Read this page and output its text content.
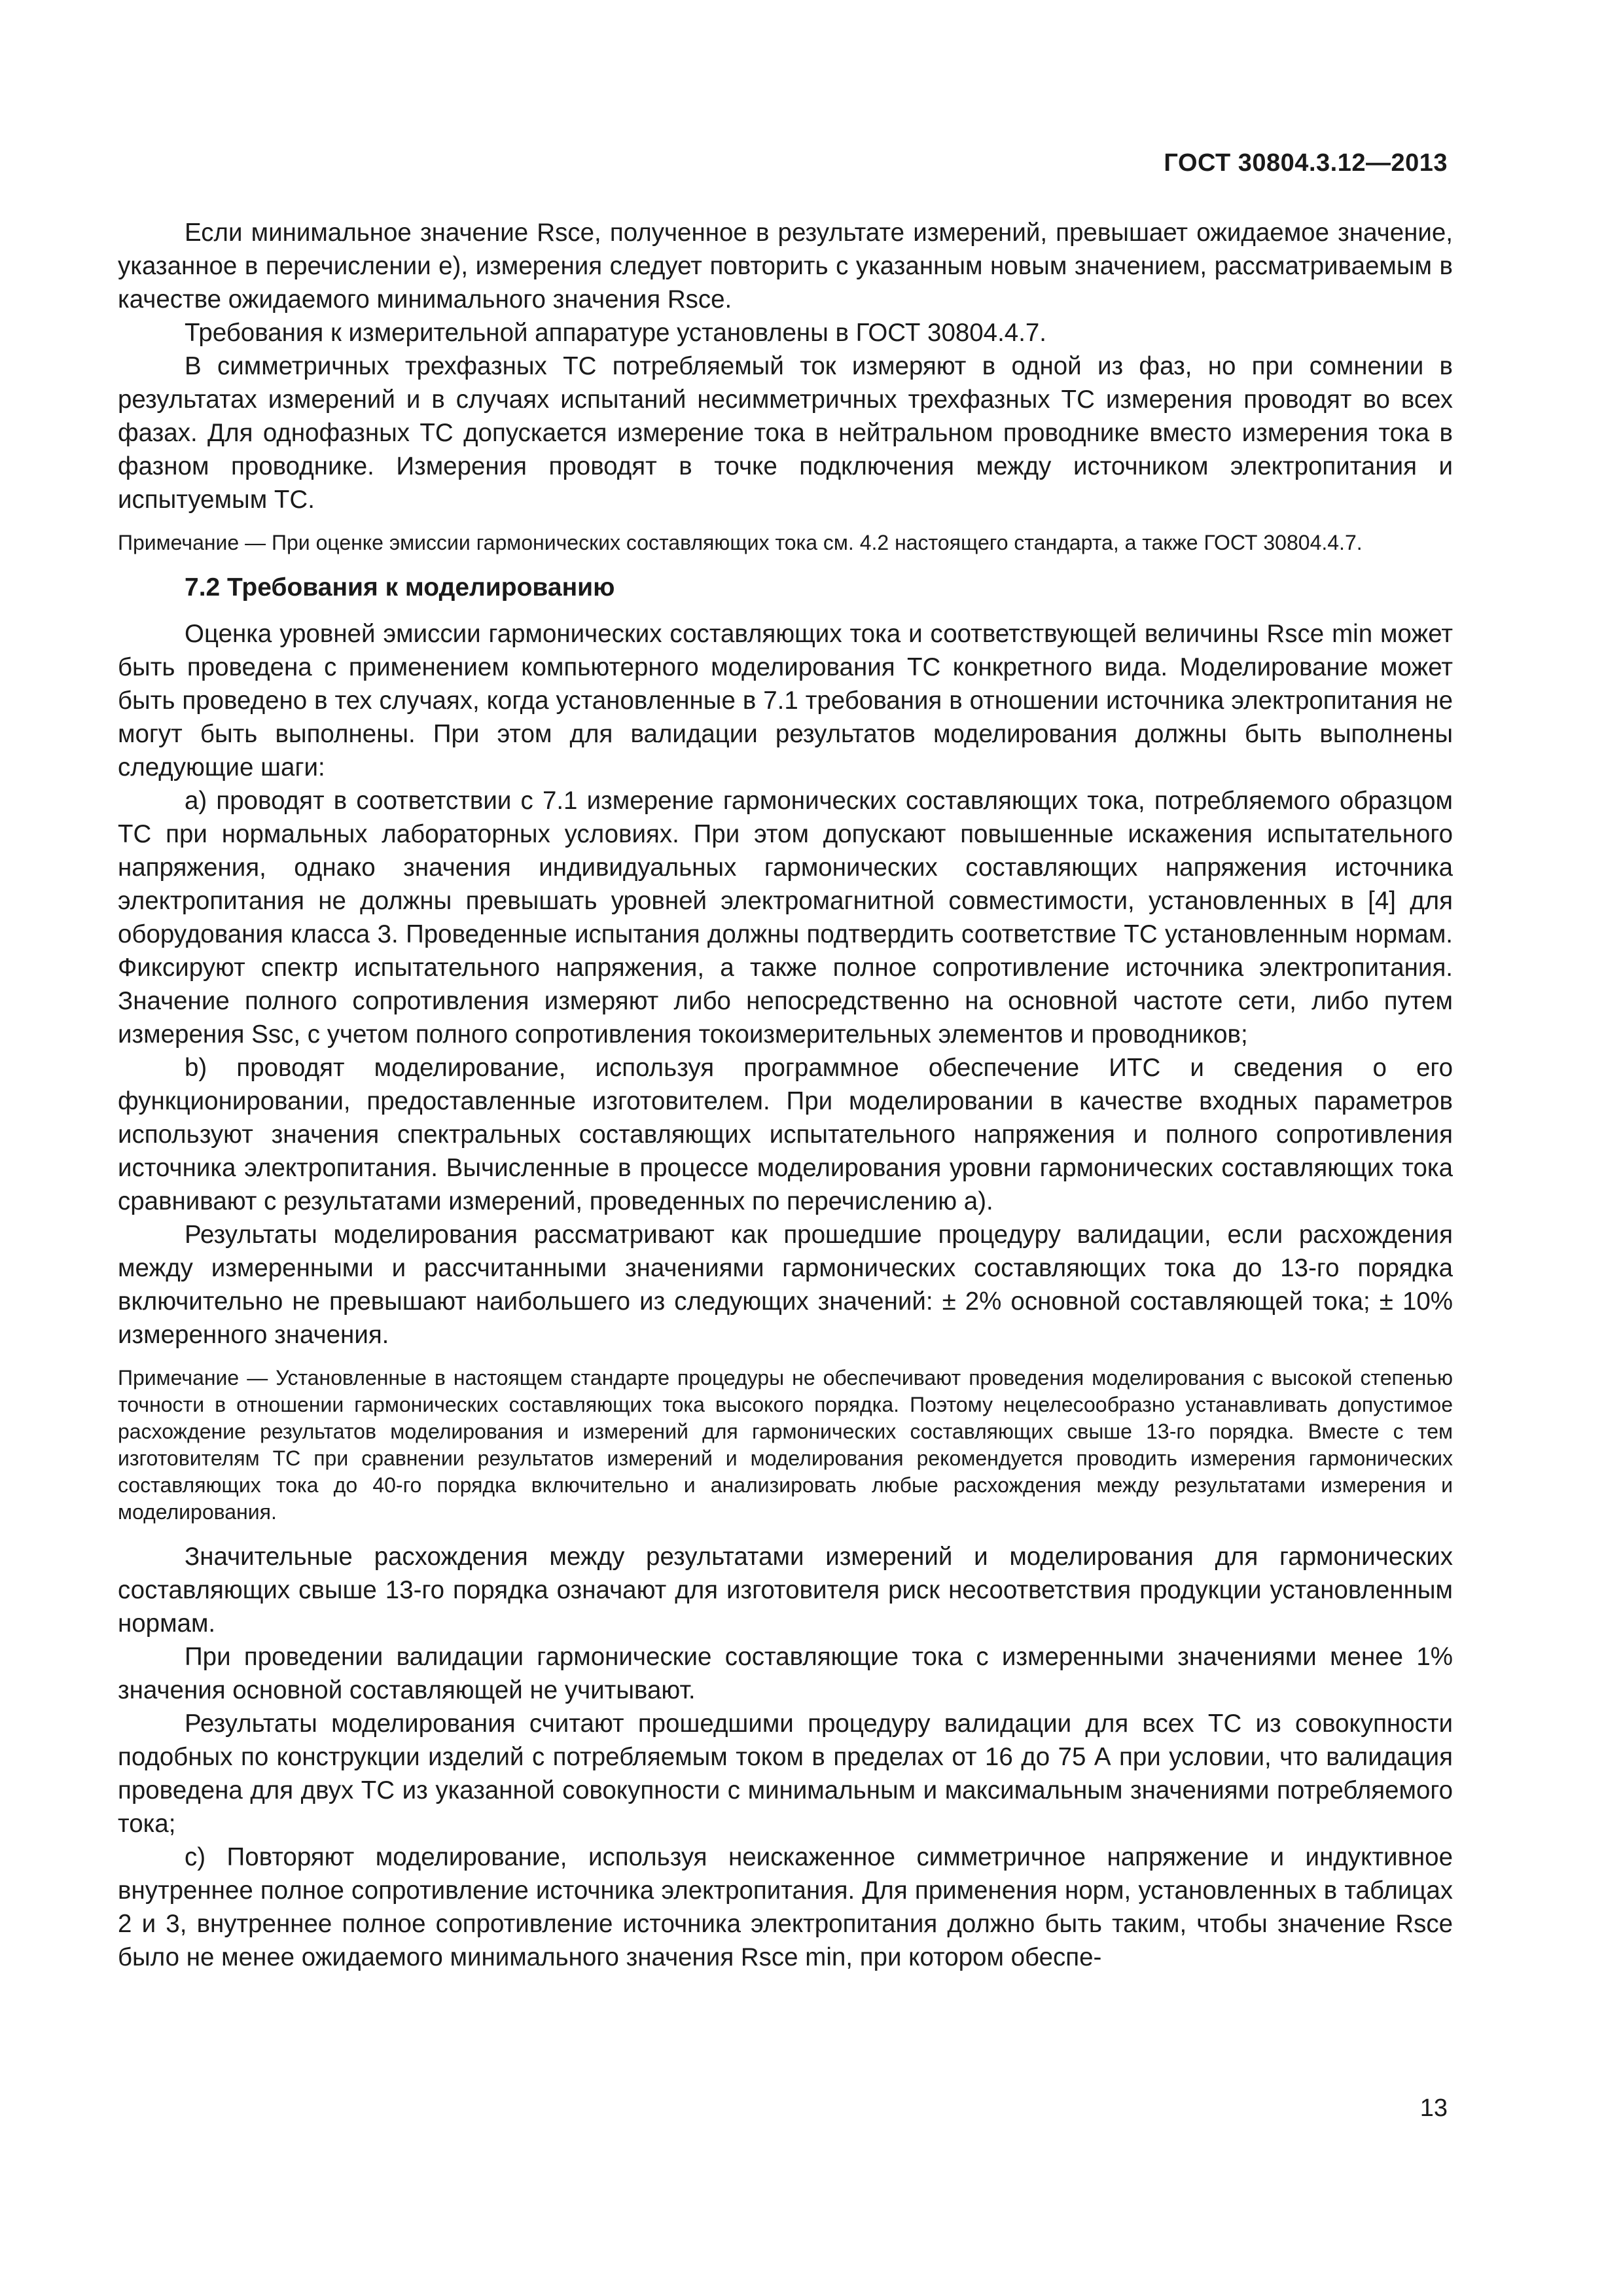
ГОСТ 30804.3.12—2013

Если минимальное значение Rsce, полученное в результате измерений, превышает ожидаемое значение, указанное в перечислении е), измерения следует повторить с указанным новым значением, рассматриваемым в качестве ожидаемого минимального значения Rsce.

Требования к измерительной аппаратуре установлены в ГОСТ 30804.4.7.

В симметричных трехфазных ТС потребляемый ток измеряют в одной из фаз, но при сомнении в результатах измерений и в случаях испытаний несимметричных трехфазных ТС измерения проводят во всех фазах. Для однофазных ТС допускается измерение тока в нейтральном проводнике вместо измерения тока в фазном проводнике. Измерения проводят в точке подключения между источником электропитания и испытуемым ТС.

Примечание — При оценке эмиссии гармонических составляющих тока см. 4.2 настоящего стандарта, а также ГОСТ 30804.4.7.

7.2 Требования к моделированию

Оценка уровней эмиссии гармонических составляющих тока и соответствующей величины Rsce min может быть проведена с применением компьютерного моделирования ТС конкретного вида. Моделирование может быть проведено в тех случаях, когда установленные в 7.1 требования в отношении источника электропитания не могут быть выполнены. При этом для валидации результатов моделирования должны быть выполнены следующие шаги:

а) проводят в соответствии с 7.1 измерение гармонических составляющих тока, потребляемого образцом ТС при нормальных лабораторных условиях. При этом допускают повышенные искажения испытательного напряжения, однако значения индивидуальных гармонических составляющих напряжения источника электропитания не должны превышать уровней электромагнитной совместимости, установленных в [4] для оборудования класса 3. Проведенные испытания должны подтвердить соответствие ТС установленным нормам. Фиксируют спектр испытательного напряжения, а также полное сопротивление источника электропитания. Значение полного сопротивления измеряют либо непосредственно на основной частоте сети, либо путем измерения Ssc, с учетом полного сопротивления токоизмерительных элементов и проводников;

b) проводят моделирование, используя программное обеспечение ИТС и сведения о его функционировании, предоставленные изготовителем. При моделировании в качестве входных параметров используют значения спектральных составляющих испытательного напряжения и полного сопротивления источника электропитания. Вычисленные в процессе моделирования уровни гармонических составляющих тока сравнивают с результатами измерений, проведенных по перечислению а).

Результаты моделирования рассматривают как прошедшие процедуру валидации, если расхождения между измеренными и рассчитанными значениями гармонических составляющих тока до 13-го порядка включительно не превышают наибольшего из следующих значений: ± 2% основной составляющей тока; ± 10% измеренного значения.

Примечание — Установленные в настоящем стандарте процедуры не обеспечивают проведения моделирования с высокой степенью точности в отношении гармонических составляющих тока высокого порядка. Поэтому нецелесообразно устанавливать допустимое расхождение результатов моделирования и измерений для гармонических составляющих свыше 13-го порядка. Вместе с тем изготовителям ТС при сравнении результатов измерений и моделирования рекомендуется проводить измерения гармонических составляющих тока до 40-го порядка включительно и анализировать любые расхождения между результатами измерения и моделирования.

Значительные расхождения между результатами измерений и моделирования для гармонических составляющих свыше 13-го порядка означают для изготовителя риск несоответствия продукции установленным нормам.

При проведении валидации гармонические составляющие тока с измеренными значениями менее 1% значения основной составляющей не учитывают.

Результаты моделирования считают прошедшими процедуру валидации для всех ТС из совокупности подобных по конструкции изделий с потребляемым током в пределах от 16 до 75 А при условии, что валидация проведена для двух ТС из указанной совокупности с минимальным и максимальным значениями потребляемого тока;

с) Повторяют моделирование, используя неискаженное симметричное напряжение и индуктивное внутреннее полное сопротивление источника электропитания. Для применения норм, установленных в таблицах 2 и 3, внутреннее полное сопротивление источника электропитания должно быть таким, чтобы значение Rsce было не менее ожидаемого минимального значения Rsce min, при котором обеспе-

13
